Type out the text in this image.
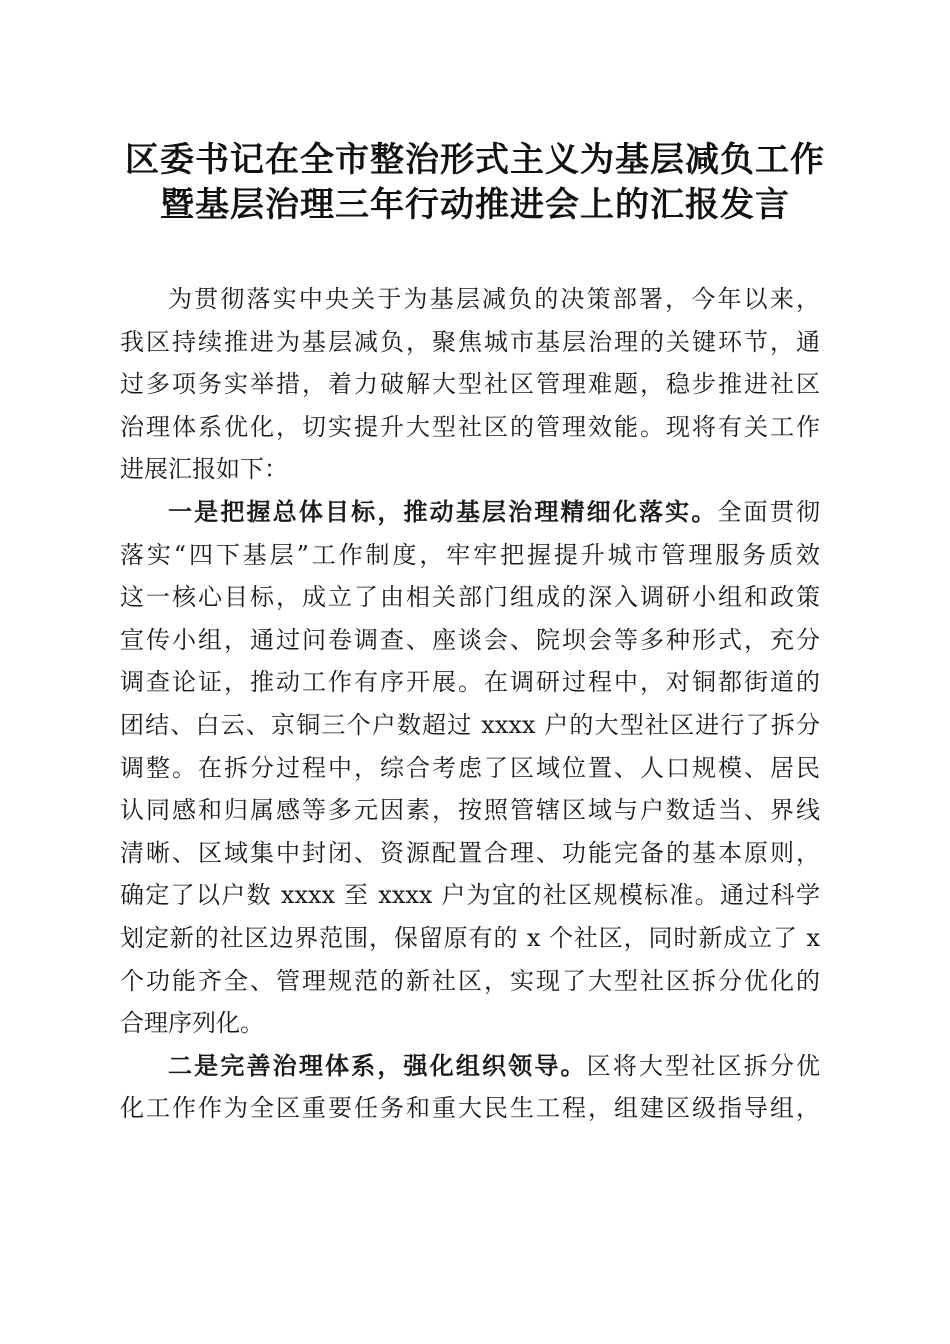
区委书记在全市整治形式主义为基层减负工作
暨基层治理三年行动推进会上的汇报发言

为贯彻落实中央关于为基层减负的决策部署，今年以来，
我区持续推进为基层减负，聚焦城市基层治理的关键环节，通
过多项务实举措，着力破解大型社区管理难题，稳步推进社区
治理体系优化，切实提升大型社区的管理效能。现将有关工作
进展汇报如下：

一是把握总体目标，推动基层治理精细化落实。全面贯彻
落实“四下基层”工作制度，牢牢把握提升城市管理服务质效
这一核心目标，成立了由相关部门组成的深入调研小组和政策
宣传小组，通过问卷调查、座谈会、院坝会等多种形式，充分
调查论证，推动工作有序开展。在调研过程中，对铜都街道的
团结、白云、京铜三个户数超过 xxxx 户的大型社区进行了拆分
调整。在拆分过程中，综合考虑了区域位置、人口规模、居民
认同感和归属感等多元因素，按照管辖区域与户数适当、界线
清晰、区域集中封闭、资源配置合理、功能完备的基本原则，
确定了以户数 xxxx 至 xxxx 户为宜的社区规模标准。通过科学
划定新的社区边界范围，保留原有的 x 个社区，同时新成立了 x
个功能齐全、管理规范的新社区，实现了大型社区拆分优化的
合理序列化。

二是完善治理体系，强化组织领导。区将大型社区拆分优
化工作作为全区重要任务和重大民生工程，组建区级指导组，
